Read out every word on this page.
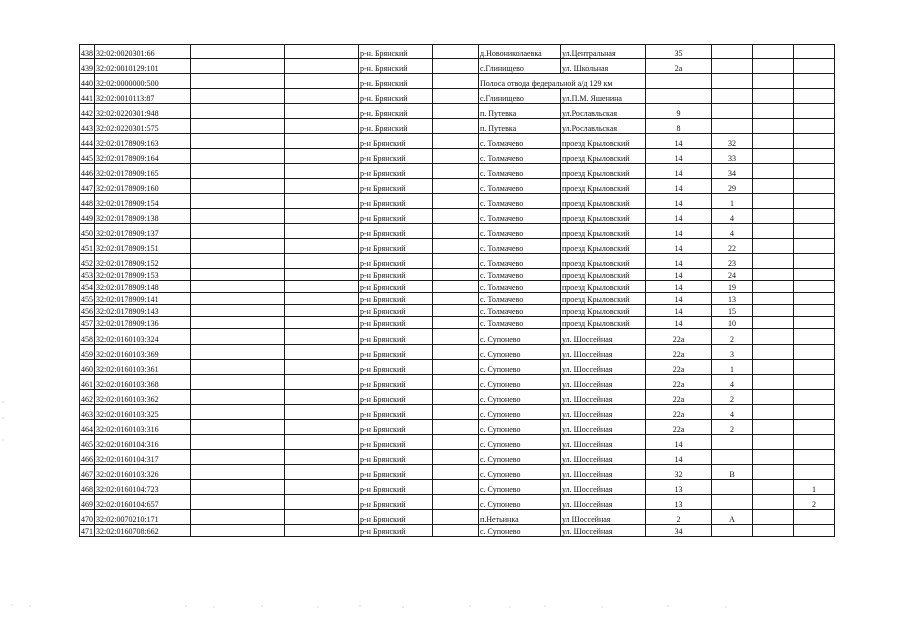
438	32:02:0020301:66			р-н. Брянский		д.Новониколаевка	ул.Центральная	35			
439	32:02:0010129:101			р-н. Брянский		с.Глинищево	ул. Школьная	2а			
440	32:02:0000000:500			р-н. Брянский		Полоса отвода федеральной а/д 129 км					
441	32:02:0010113:87			р-н. Брянский		с.Глинищево	ул.П.М. Яшенина				
442	32:02:0220301:948			р-н. Брянский		п. Путевка	ул.Рославльская	9			
443	32:02:0220301:575			р-н. Брянский		п. Путевка	ул.Рославльская	8			
444	32:02:0178909:163			р-н Брянский		с. Толмачево	проезд Крыловский	14	32		
445	32:02:0178909:164			р-н Брянский		с. Толмачево	проезд Крыловский	14	33		
446	32:02:0178909:165			р-н Брянский		с. Толмачево	проезд Крыловский	14	34		
447	32:02:0178909:160			р-н Брянский		с. Толмачево	проезд Крыловский	14	29		
448	32:02:0178909:154			р-н Брянский		с. Толмачево	проезд Крыловский	14	1		
449	32:02:0178909:138			р-н Брянский		с. Толмачево	проезд Крыловский	14	4		
450	32:02:0178909:137			р-н Брянский		с. Толмачево	проезд Крыловский	14	4		
451	32:02:0178909:151			р-н Брянский		с. Толмачево	проезд Крыловский	14	22		
452	32:02:0178909:152			р-н Брянский		с. Толмачево	проезд Крыловский	14	23		
453	32:02:0178909:153			р-н Брянский		с. Толмачево	проезд Крыловский	14	24		
454	32:02:0178909:148			р-н Брянский		с. Толмачево	проезд Крыловский	14	19		
455	32:02:0178909:141			р-н Брянский		с. Толмачево	проезд Крыловский	14	13		
456	32:02:0178909:143			р-н Брянский		с. Толмачево	проезд Крыловский	14	15		
457	32:02:0178909:136			р-н Брянский		с. Толмачево	проезд Крыловский	14	10		
458	32:02:0160103:324			р-н Брянский		с. Супонево	ул. Шоссейная	22а	2		
459	32:02:0160103:369			р-н Брянский		с. Супонево	ул. Шоссейная	22а	3		
460	32:02:0160103:361			р-н Брянский		с. Супонево	ул. Шоссейная	22а	1		
461	32:02:0160103:368			р-н Брянский		с. Супонево	ул. Шоссейная	22а	4		
462	32:02:0160103:362			р-н Брянский		с. Супонево	ул. Шоссейная	22а	2		
463	32:02:0160103:325			р-н Брянский		с. Супонево	ул. Шоссейная	22а	4		
464	32:02:0160103:316			р-н Брянский		с. Супонево	ул. Шоссейная	22а	2		
465	32:02:0160104:316			р-н Брянский		с. Супонево	ул. Шоссейная	14			
466	32:02:0160104:317			р-н Брянский		с. Супонево	ул. Шоссейная	14			
467	32:02:0160103:326			р-н Брянский		с. Супонево	ул. Шоссейная	32	В		
468	32:02:0160104:723			р-н Брянский		с. Супонево	ул. Шоссейная	13			1
469	32:02:0160104:657			р-н Брянский		с. Супонево	ул. Шоссейная	13			2
470	32:02:0070210:171			р-н Брянский		п.Нетьинка	ул Шоссейная	2	А		
471	32:02:0160708:662			р-н Брянский		с. Супонево	ул. Шоссейная	34			
